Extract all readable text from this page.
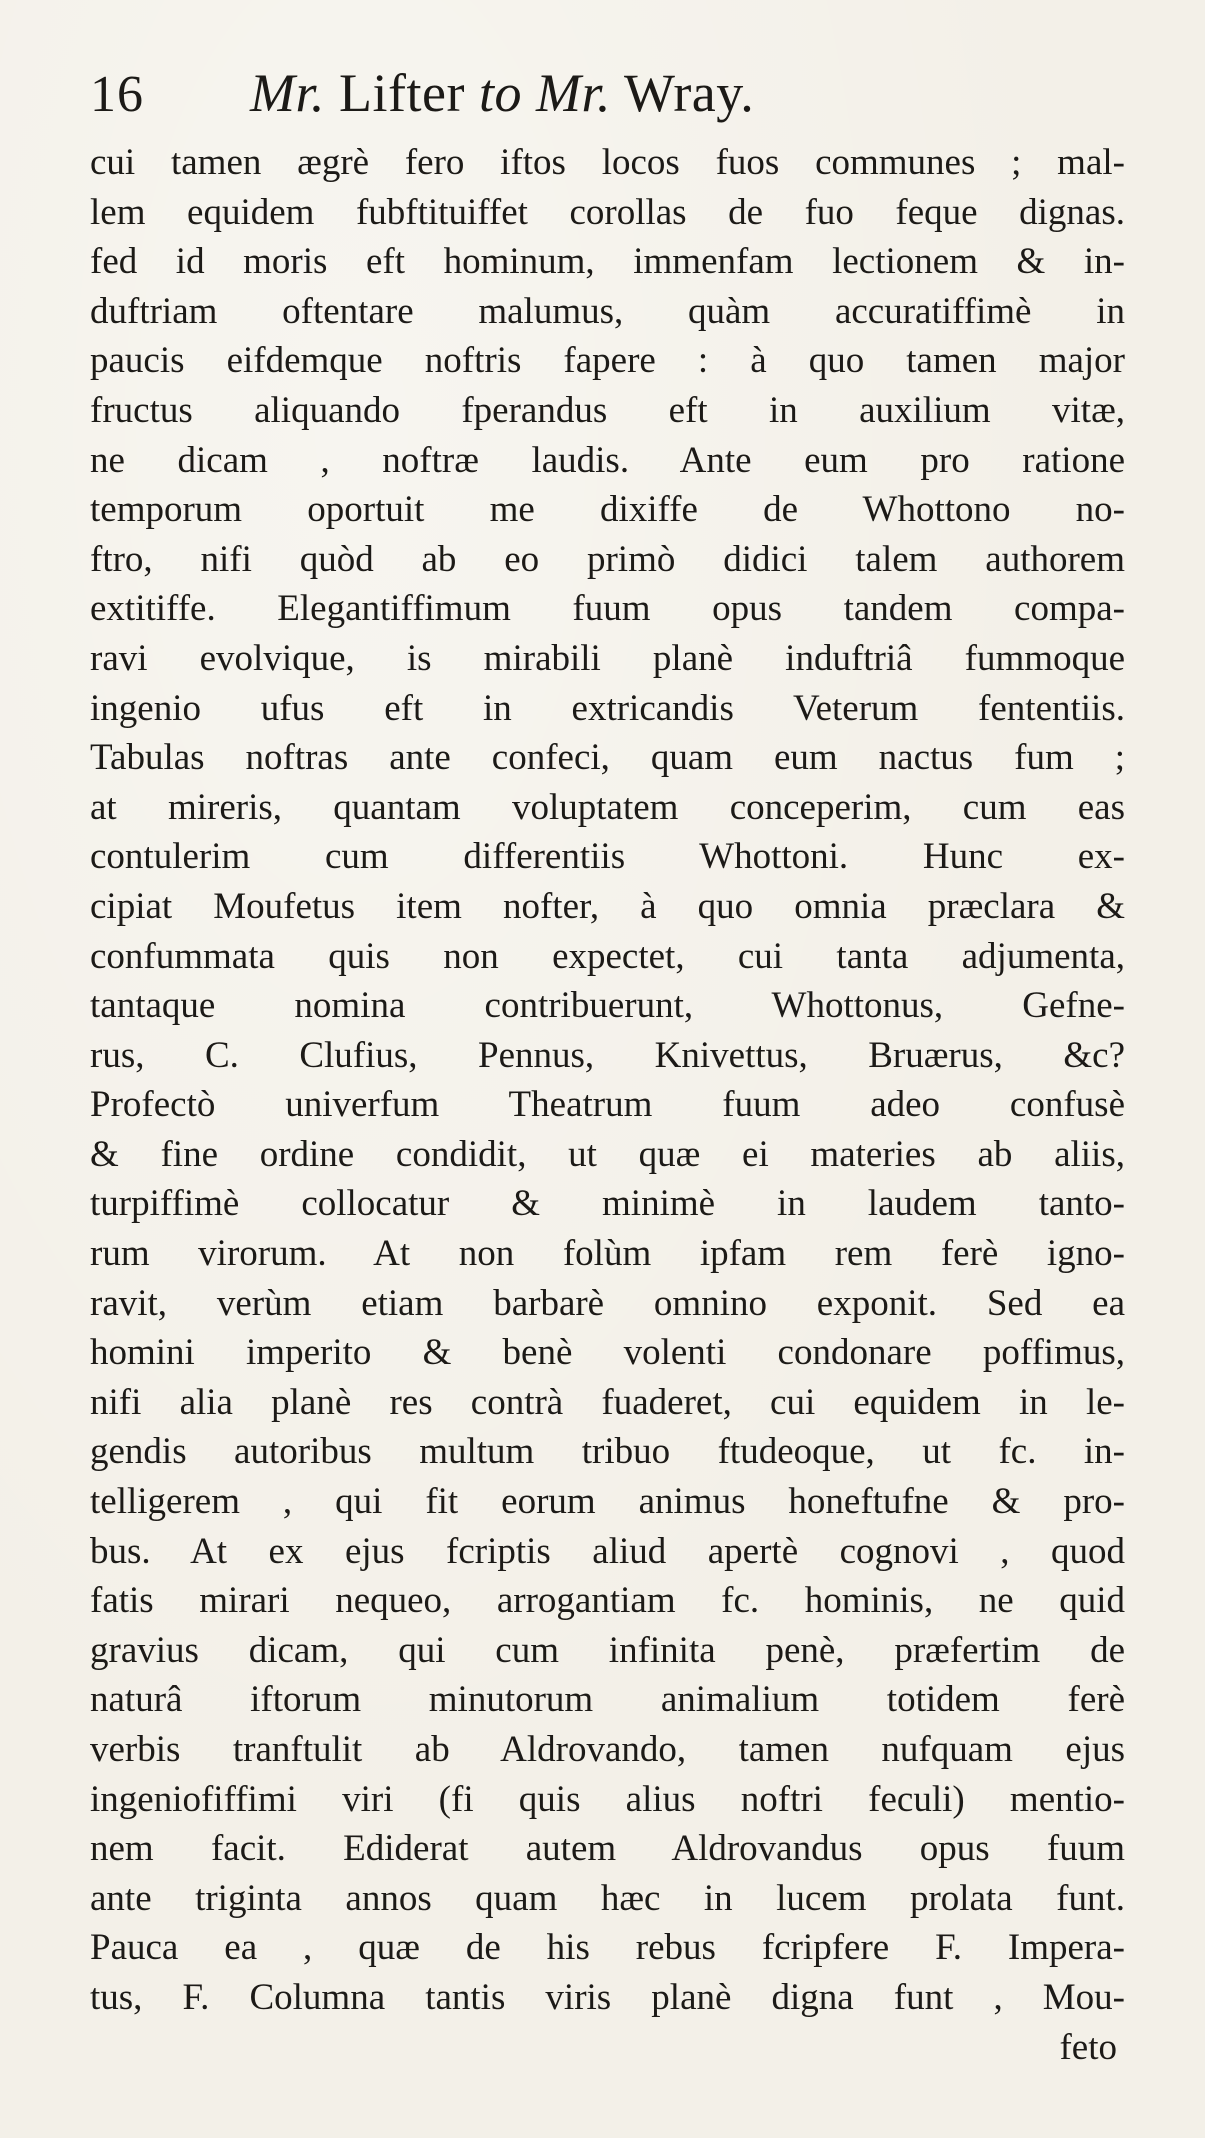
16	Mr. Lifter to Mr. Wray.
cui tamen ægrè fero iftos locos fuos communes ; mal-
lem equidem fubftituiffet corollas de fuo feque dignas.
fed id moris eft hominum, immenfam lectionem & in-
duftriam oftentare malumus, quàm accuratiffimè in
paucis eifdemque noftris fapere : à quo tamen major
fructus aliquando fperandus eft in auxilium vitæ,
ne dicam , noftræ laudis. Ante eum pro ratione
temporum oportuit me dixiffe de Whottono no-
ftro, nifi quòd ab eo primò didici talem authorem
extitiffe. Elegantiffimum fuum opus tandem compa-
ravi evolvique, is mirabili planè induftriâ fummoque
ingenio ufus eft in extricandis Veterum fententiis.
Tabulas noftras ante confeci, quam eum nactus fum ;
at mireris, quantam voluptatem conceperim, cum eas
contulerim cum differentiis Whottoni. Hunc ex-
cipiat Moufetus item nofter, à quo omnia præclara &
confummata quis non expectet, cui tanta adjumenta,
tantaque nomina contribuerunt, Whottonus, Gefne-
rus, C. Clufius, Pennus, Knivettus, Bruærus, &c?
Profectò univerfum Theatrum fuum adeo confusè
& fine ordine condidit, ut quæ ei materies ab aliis,
turpiffimè collocatur & minimè in laudem tanto-
rum virorum. At non folùm ipfam rem ferè igno-
ravit, verùm etiam barbarè omnino exponit. Sed ea
homini imperito & benè volenti condonare poffimus,
nifi alia planè res contrà fuaderet, cui equidem in le-
gendis autoribus multum tribuo ftudeoque, ut fc. in-
telligerem , qui fit eorum animus honeftufne & pro-
bus. At ex ejus fcriptis aliud apertè cognovi , quod
fatis mirari nequeo, arrogantiam fc. hominis, ne quid
gravius dicam, qui cum infinita penè, præfertim de
naturâ iftorum minutorum animalium totidem ferè
verbis tranftulit ab Aldrovando, tamen nufquam ejus
ingeniofiffimi viri (fi quis alius noftri feculi) mentio-
nem facit. Ediderat autem Aldrovandus opus fuum
ante triginta annos quam hæc in lucem prolata funt.
Pauca ea , quæ de his rebus fcripfere F. Impera-
tus, F. Columna tantis viris planè digna funt , Mou-
feto
